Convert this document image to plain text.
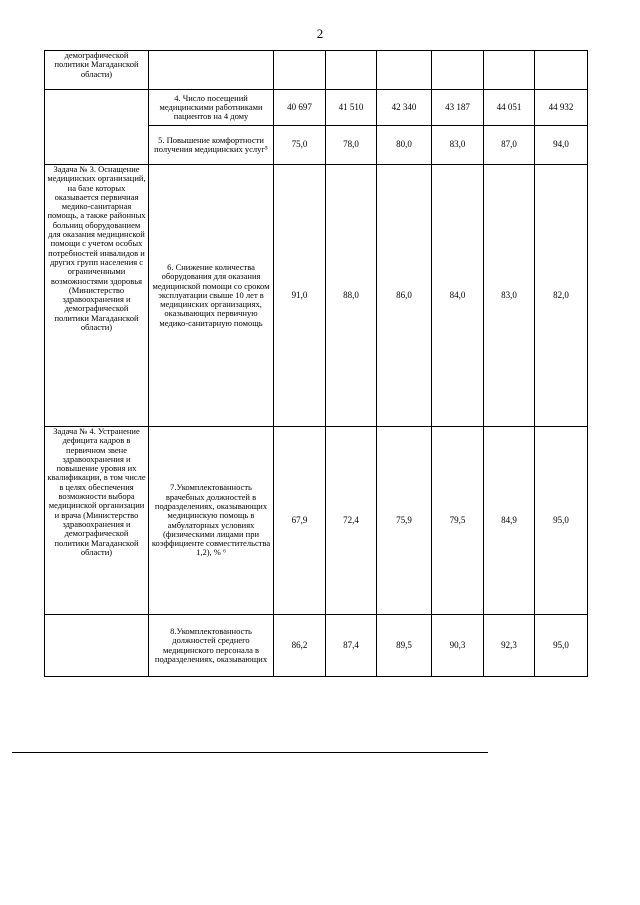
2
демографической политики Магаданской области)							
	4. Число посещений медицинскими работниками пациентов на 4 дому	40 697	41 510	42 340	43 187	44 051	44 932
	5. Повышение комфортности получения медицинских услуг⁵	75,0	78,0	80,0	83,0	87,0	94,0
Задача № 3. Оснащение медицинских организаций, на базе которых оказывается первичная медико-санитарная помощь, а также районных больниц оборудованием для оказания медицинской помощи с учетом особых потребностей инвалидов и других групп населения с ограниченными возможностями здоровья (Министерство здравоохранения и демографической политики Магаданской области)	6. Снижение количества оборудования для оказания медицинской помощи со сроком эксплуатации свыше 10 лет в медицинских организациях, оказывающих первичную медико-санитарную помощь	91,0	88,0	86,0	84,0	83,0	82,0
Задача № 4. Устранение дефицита кадров в первичном звене здравоохранения и повышение уровня их квалификации, в том числе в целях обеспечения возможности выбора медицинской организации и врача (Министерство здравоохранения и демографической политики Магаданской области)	7.Укомплектованность врачебных должностей в подразделениях, оказывающих медицинскую помощь в амбулаторных условиях (физическими лицами при коэффициенте совместительства 1,2), % ⁶	67,9	72,4	75,9	79,5	84,9	95,0
	8.Укомплектованность должностей среднего медицинского персонала в подразделениях, оказывающих	86,2	87,4	89,5	90,3	92,3	95,0
